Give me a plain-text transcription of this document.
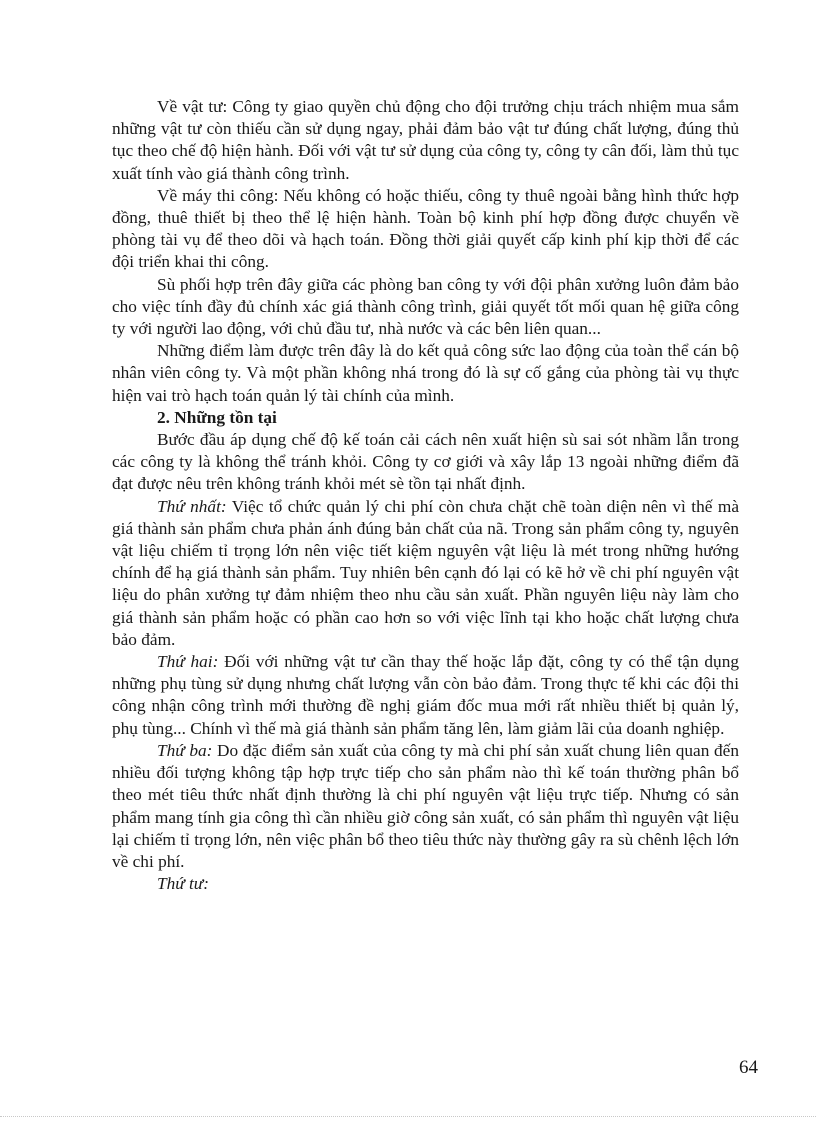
Về vật tư: Công ty giao quyền chủ động cho đội trưởng chịu trách nhiệm mua sắm những vật tư còn thiếu cần sử dụng ngay, phải đảm bảo vật tư đúng chất lượng, đúng thủ tục theo chế độ hiện hành. Đối với vật tư sử dụng của công ty, công ty cân đối, làm thủ tục xuất tính vào giá thành công trình.

Về máy thi công: Nếu không có hoặc thiếu, công ty thuê ngoài bằng hình thức hợp đồng, thuê thiết bị theo thể lệ hiện hành. Toàn bộ kinh phí hợp đồng được chuyển về phòng tài vụ để theo dõi và hạch toán. Đồng thời giải quyết cấp kinh phí kịp thời để các đội triển khai thi công.

Sù phối hợp trên đây giữa các phòng ban công ty với đội phân xưởng luôn đảm bảo cho việc tính đầy đủ chính xác giá thành công trình, giải quyết tốt mối quan hệ giữa công ty với người lao động, với chủ đầu tư, nhà nước và các bên liên quan...

Những điểm làm được trên đây là do kết quả công sức lao động của toàn thể cán bộ nhân viên công ty. Và một phần không nhá trong đó là sự cố gắng của phòng tài vụ thực hiện vai trò hạch toán quản lý tài chính của mình.

2. Những tồn tại

Bước đầu áp dụng chế độ kế toán cải cách nên xuất hiện sù sai sót nhầm lẫn trong các công ty là không thể tránh khỏi. Công ty cơ giới và xây lắp 13 ngoài những điểm đã đạt được nêu trên không tránh khỏi mét sè tồn tại nhất định.

Thứ nhất: Việc tổ chức quản lý chi phí còn chưa chặt chẽ toàn diện nên vì thế mà giá thành sản phẩm chưa phản ánh đúng bản chất của nã. Trong sản phẩm công ty, nguyên vật liệu chiếm tỉ trọng lớn nên việc tiết kiệm nguyên vật liệu là mét trong những hướng chính để hạ giá thành sản phẩm. Tuy nhiên bên cạnh đó lại có kẽ hở về chi phí nguyên vật liệu do phân xưởng tự đảm nhiệm theo nhu cầu sản xuất. Phần nguyên liệu này làm cho giá thành sản phẩm hoặc có phần cao hơn so với việc lĩnh tại kho hoặc chất lượng chưa bảo đảm.

Thứ hai: Đối với những vật tư cần thay thế hoặc lắp đặt, công ty có thể tận dụng những phụ tùng sử dụng nhưng chất lượng vẫn còn bảo đảm. Trong thực tế khi các đội thi công nhận công trình mới thường đề nghị giám đốc mua mới rất nhiều thiết bị quản lý, phụ tùng... Chính vì thế mà giá thành sản phẩm tăng lên, làm giảm lãi của doanh nghiệp.

Thứ ba: Do đặc điểm sản xuất của công ty mà chi phí sản xuất chung liên quan đến nhiều đối tượng không tập hợp trực tiếp cho sản phẩm nào thì kế toán thường phân bổ theo mét tiêu thức nhất định thường là chi phí nguyên vật liệu trực tiếp. Nhưng có sản phẩm mang tính gia công thì cần nhiều giờ công sản xuất, có sản phẩm thì nguyên vật liệu lại chiếm tỉ trọng lớn, nên việc phân bổ theo tiêu thức này thường gây ra sù chênh lệch lớn về chi phí.

Thứ tư:

64
